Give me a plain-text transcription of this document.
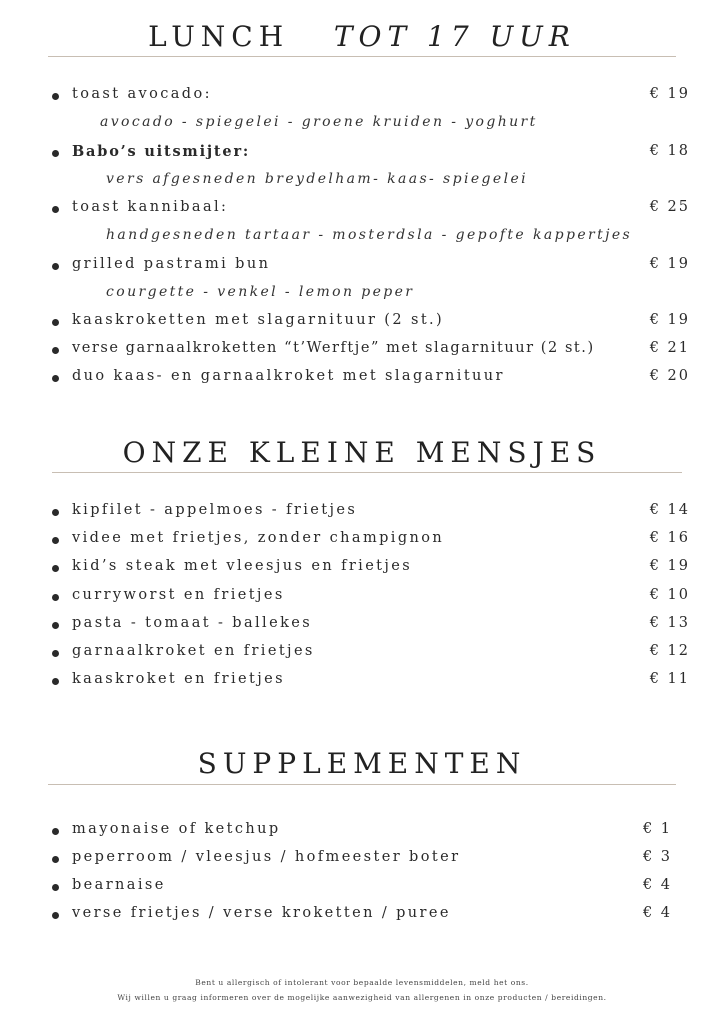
LUNCH TOT 17 UUR
toast avocado:	€ 19
avocado - spiegelei - groene kruiden - yoghurt
Babo’s uitsmijter:	€ 18
vers afgesneden breydelham- kaas- spiegelei
toast kannibaal:	€ 25
handgesneden tartaar - mosterdsla - gepofte kappertjes
grilled pastrami bun	€ 19
courgette - venkel - lemon peper
kaaskroketten met slagarnituur (2 st.)	€ 19
verse garnaalkroketten “t’Werftje” met slagarnituur (2 st.)	€ 21
duo kaas- en garnaalkroket met slagarnituur	€ 20
ONZE KLEINE MENSJES
kipfilet - appelmoes - frietjes	€ 14
videe met frietjes, zonder champignon	€ 16
kid’s steak met vleesjus en frietjes	€ 19
curryworst en frietjes	€ 10
pasta - tomaat - ballekes	€ 13
garnaalkroket en frietjes	€ 12
kaaskroket en frietjes	€ 11
SUPPLEMENTEN
mayonaise of ketchup	€ 1
peperroom / vleesjus / hofmeester boter	€ 3
bearnaise	€ 4
verse frietjes / verse kroketten / puree	€ 4
Bent u allergisch of intolerant voor bepaalde levensmiddelen, meld het ons.
Wij willen u graag informeren over de mogelijke aanwezigheid van allergenen in onze producten / bereidingen.
